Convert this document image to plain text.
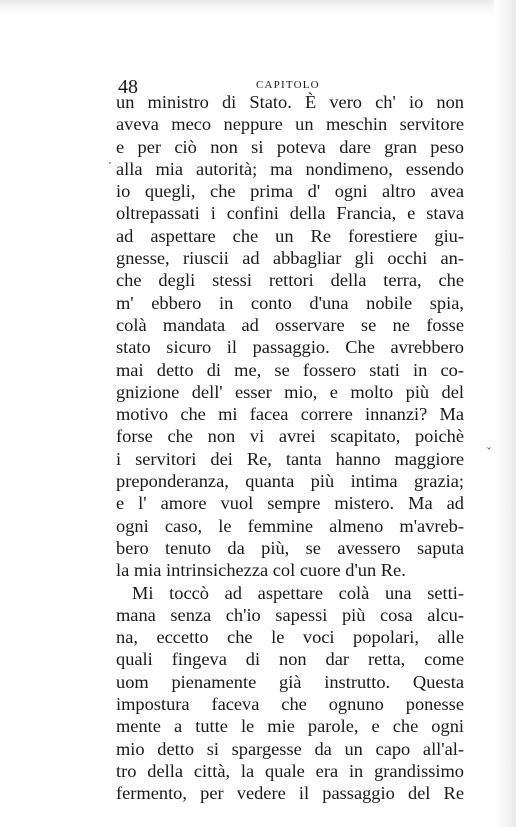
48	CAPITOLO
·
ˇ
un ministro di Stato. È vero ch' io non
aveva meco neppure un meschin servitore
e per ciò non si poteva dare gran peso
alla mia autorità; ma nondimeno, essendo
io quegli, che prima d' ogni altro avea
oltrepassati i confini della Francia, e stava
ad aspettare che un Re forestiere giu-
gnesse, riuscii ad abbagliar gli occhi an-
che degli stessi rettori della terra, che
m' ebbero in conto d'una nobile spia,
colà mandata ad osservare se ne fosse
stato sicuro il passaggio. Che avrebbero
mai detto di me, se fossero stati in co-
gnizione dell' esser mio, e molto più del
motivo che mi facea correre innanzi? Ma
forse che non vi avrei scapitato, poichè
i servitori dei Re, tanta hanno maggiore
preponderanza, quanta più intima grazia;
e l' amore vuol sempre mistero. Ma ad
ogni caso, le femmine almeno m'avreb-
bero tenuto da più, se avessero saputa
la mia intrinsichezza col cuore d'un Re.
Mi toccò ad aspettare colà una setti-
mana senza ch'io sapessi più cosa alcu-
na, eccetto che le voci popolari, alle
quali fingeva di non dar retta, come
uom pienamente già instrutto. Questa
impostura faceva che ognuno ponesse
mente a tutte le mie parole, e che ogni
mio detto si spargesse da un capo all'al-
tro della città, la quale era in grandissimo
fermento, per vedere il passaggio del Re
